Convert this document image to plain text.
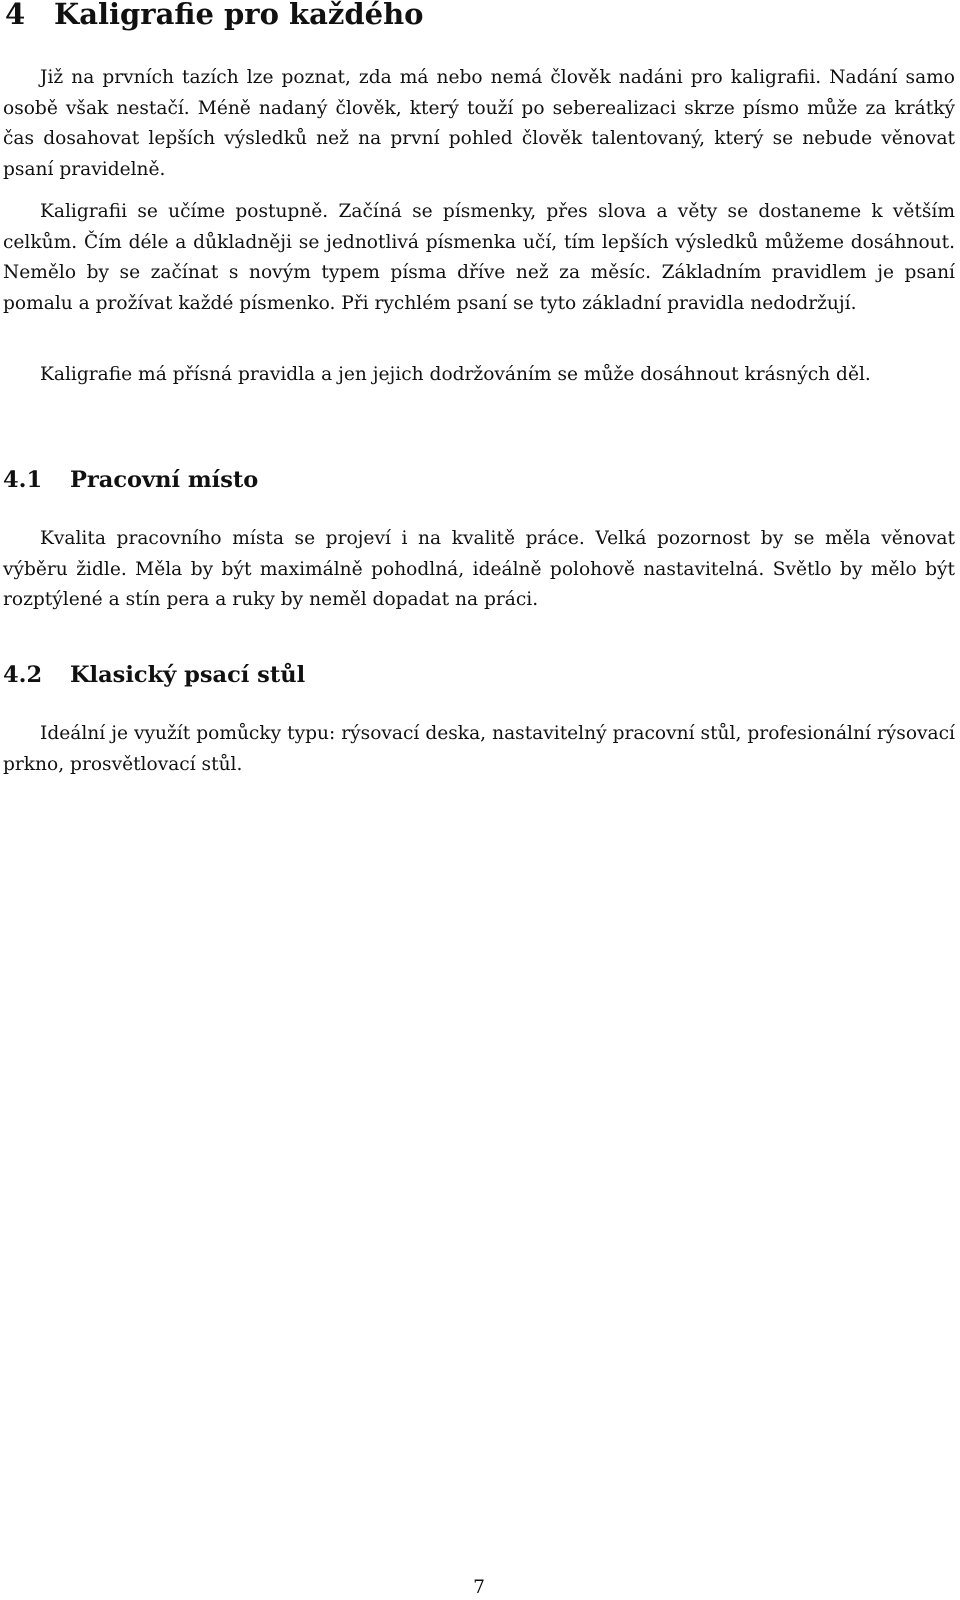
4 Kaligrafie pro každého

Již na prvních tazích lze poznat, zda má nebo nemá člověk nadáni pro kaligrafii. Nadání samo osobě však nestačí. Méně nadaný člověk, který touží po seberealizaci skrze písmo může za krátký čas dosahovat lepších výsledků než na první pohled člověk talentovaný, který se nebude věnovat psaní pravidelně.

Kaligrafii se učíme postupně. Začíná se písmenky, přes slova a věty se dostaneme k větším celkům. Čím déle a důkladněji se jednotlivá písmenka učí, tím lepších výsledků můžeme dosáhnout. Nemělo by se začínat s novým typem písma dříve než za měsíc. Základním pravidlem je psaní pomalu a prožívat každé písmenko. Při rychlém psaní se tyto základní pravidla nedodržují.

Kaligrafie má přísná pravidla a jen jejich dodržováním se může dosáhnout krásných děl.

4.1 Pracovní místo

Kvalita pracovního místa se projeví i na kvalitě práce. Velká pozornost by se měla věnovat výběru židle. Měla by být maximálně pohodlná, ideálně polohově nastavitelná. Světlo by mělo být rozptýlené a stín pera a ruky by neměl dopadat na práci.

4.2 Klasický psací stůl

Ideální je využít pomůcky typu: rýsovací deska, nastavitelný pracovní stůl, profesionální rýsovací prkno, prosvětlovací stůl.

7
